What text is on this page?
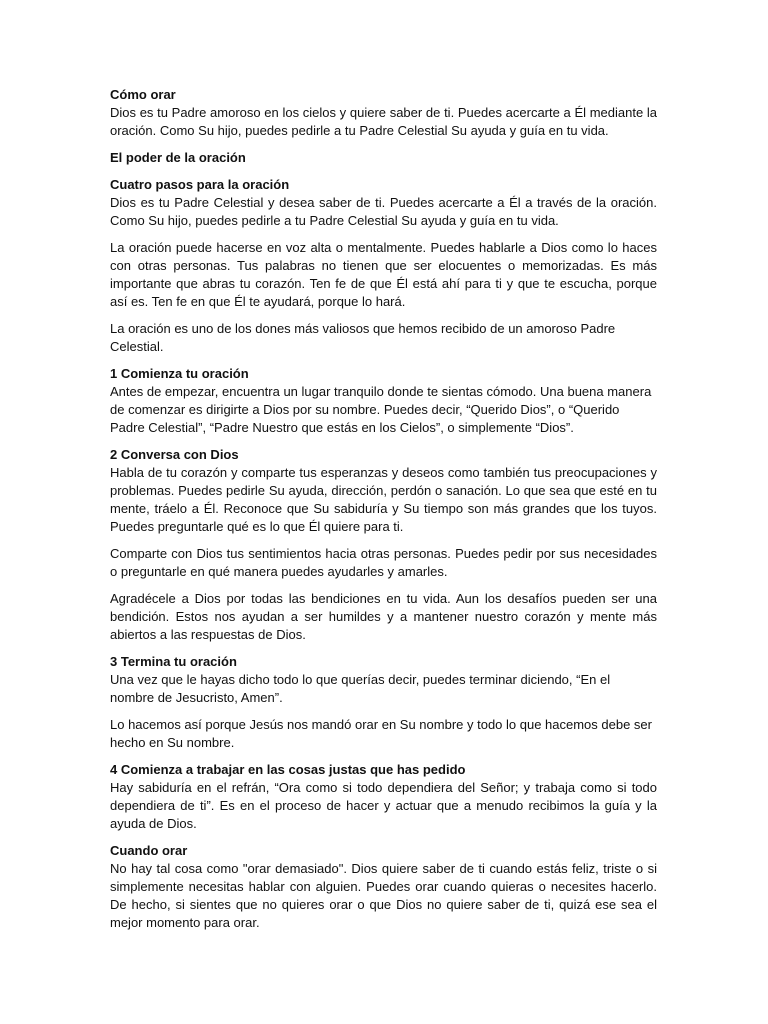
Cómo orar
Dios es tu Padre amoroso en los cielos y quiere saber de ti. Puedes acercarte a Él mediante la oración. Como Su hijo, puedes pedirle a tu Padre Celestial Su ayuda y guía en tu vida.
El poder de la oración
Cuatro pasos para la oración
Dios es tu Padre Celestial y desea saber de ti. Puedes acercarte a Él a través de la oración. Como Su hijo, puedes pedirle a tu Padre Celestial Su ayuda y guía en tu vida.
La oración puede hacerse en voz alta o mentalmente. Puedes hablarle a Dios como lo haces con otras personas. Tus palabras no tienen que ser elocuentes o memorizadas. Es más importante que abras tu corazón. Ten fe de que Él está ahí para ti y que te escucha, porque así es. Ten fe en que Él te ayudará, porque lo hará.
La oración es uno de los dones más valiosos que hemos recibido de un amoroso Padre Celestial.
1 Comienza tu oración
Antes de empezar, encuentra un lugar tranquilo donde te sientas cómodo. Una buena manera de comenzar es dirigirte a Dios por su nombre. Puedes decir, “Querido Dios”, o “Querido Padre Celestial”, “Padre Nuestro que estás en los Cielos”, o simplemente “Dios”.
2 Conversa con Dios
Habla de tu corazón y comparte tus esperanzas y deseos como también tus preocupaciones y problemas. Puedes pedirle Su ayuda, dirección, perdón o sanación. Lo que sea que esté en tu mente, tráelo a Él. Reconoce que Su sabiduría y Su tiempo son más grandes que los tuyos. Puedes preguntarle qué es lo que Él quiere para ti.
Comparte con Dios tus sentimientos hacia otras personas. Puedes pedir por sus necesidades o preguntarle en qué manera puedes ayudarles y amarles.
Agradécele a Dios por todas las bendiciones en tu vida. Aun los desafíos pueden ser una bendición. Estos nos ayudan a ser humildes y a mantener nuestro corazón y mente más abiertos a las respuestas de Dios.
3 Termina tu oración
Una vez que le hayas dicho todo lo que querías decir, puedes terminar diciendo, “En el nombre de Jesucristo, Amen”.
Lo hacemos así porque Jesús nos mandó orar en Su nombre y todo lo que hacemos debe ser hecho en Su nombre.
4 Comienza a trabajar en las cosas justas que has pedido
Hay sabiduría en el refrán, “Ora como si todo dependiera del Señor; y trabaja como si todo dependiera de ti”. Es en el proceso de hacer y actuar que a menudo recibimos la guía y la ayuda de Dios.
Cuando orar
No hay tal cosa como "orar demasiado". Dios quiere saber de ti cuando estás feliz, triste o si simplemente necesitas hablar con alguien. Puedes orar cuando quieras o necesites hacerlo. De hecho, si sientes que no quieres orar o que Dios no quiere saber de ti, quizá ese sea el mejor momento para orar.
